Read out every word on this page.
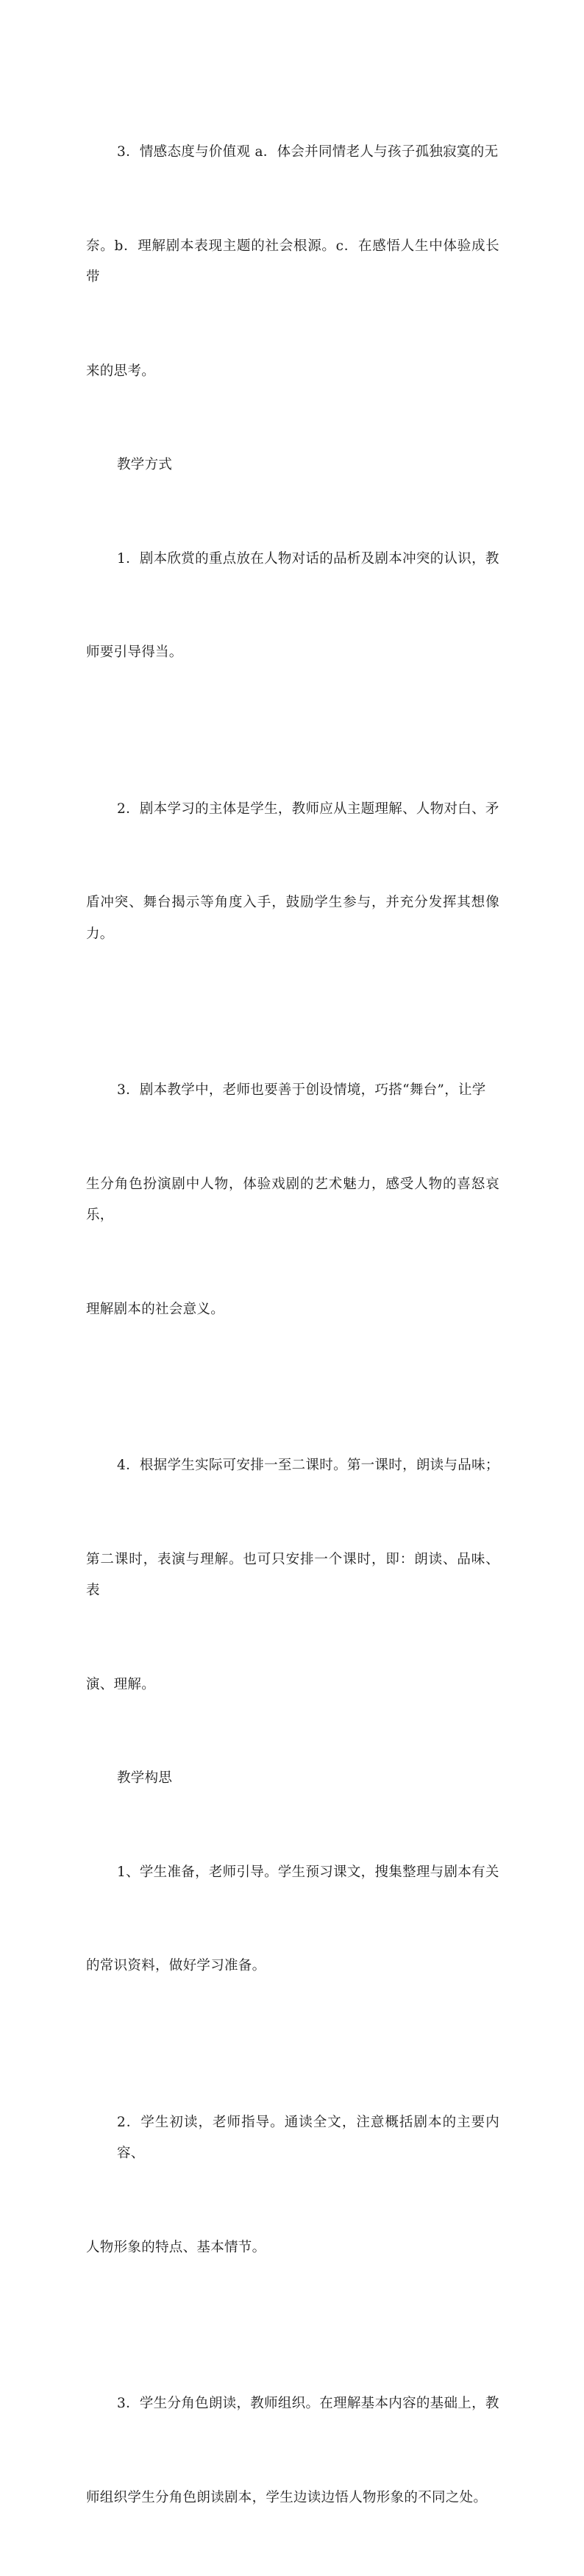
3．情感态度与价值观 a．体会并同情老人与孩子孤独寂寞的无

奈。b．理解剧本表现主题的社会根源。c．在感悟人生中体验成长带

来的思考。

教学方式

1．剧本欣赏的重点放在人物对话的品析及剧本冲突的认识，教

师要引导得当。

2．剧本学习的主体是学生，教师应从主题理解、人物对白、矛

盾冲突、舞台揭示等角度入手，鼓励学生参与，并充分发挥其想像力。

3．剧本教学中，老师也要善于创设情境，巧搭“舞台”，让学

生分角色扮演剧中人物，体验戏剧的艺术魅力，感受人物的喜怒哀乐，

理解剧本的社会意义。

4．根据学生实际可安排一至二课时。第一课时，朗读与品味；

第二课时，表演与理解。也可只安排一个课时，即：朗读、品味、表

演、理解。

教学构思

1、学生准备，老师引导。学生预习课文，搜集整理与剧本有关

的常识资料，做好学习准备。

2．学生初读，老师指导。通读全文，注意概括剧本的主要内容、

人物形象的特点、基本情节。

3．学生分角色朗读，教师组织。在理解基本内容的基础上，教

师组织学生分角色朗读剧本，学生边读边悟人物形象的不同之处。
